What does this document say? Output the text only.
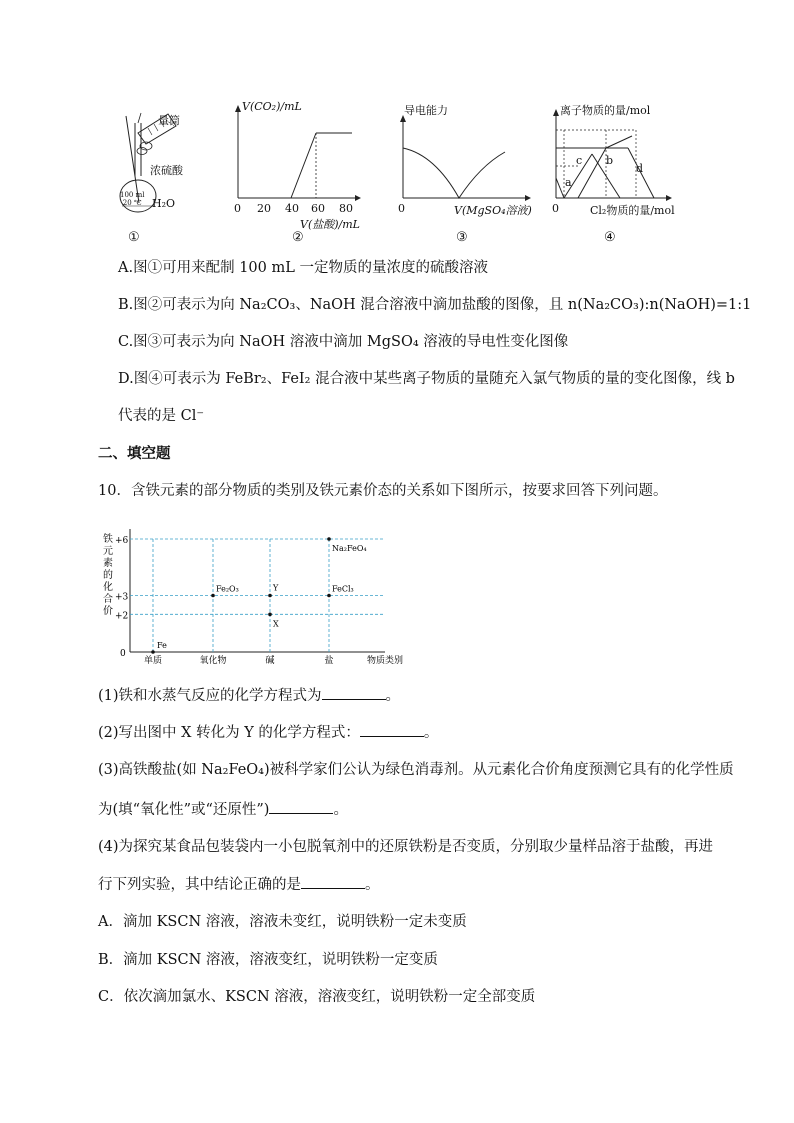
量筒
浓硫酸
100 ml
20 ℃ H₂O
①
V(CO₂)/mL
0 20 40 60 80
V(盐酸)/mL
②
导电能力
0	V(MgSO₄溶液)
③
离子物质的量/mol
a
b
c
d
0	Cl₂物质的量/mol
④
A.图①可用来配制 100 mL 一定物质的量浓度的硫酸溶液
B.图②可表示为向 Na₂CO₃、NaOH 混合溶液中滴加盐酸的图像，且 n(Na₂CO₃):n(NaOH)=1:1
C.图③可表示为向 NaOH 溶液中滴加 MgSO₄ 溶液的导电性变化图像
D.图④可表示为 FeBr₂、FeI₂ 混合液中某些离子物质的量随充入氯气物质的量的变化图像，线 b
代表的是 Cl⁻
二、填空题
10．含铁元素的部分物质的类别及铁元素价态的关系如下图所示，按要求回答下列问题。
铁
元
素
的
化
合
价
+6
+3
+2
0
单质	氧化物	碱	盐	物质类别
Fe
Fe₂O₃	Y
X
FeCl₃
Na₂FeO₄
(1)铁和水蒸气反应的化学方程式为	。
(2)写出图中 X 转化为 Y 的化学方程式：	。
(3)高铁酸盐(如 Na₂FeO₄)被科学家们公认为绿色消毒剂。从元素化合价角度预测它具有的化学性质
为(填“氧化性”或“还原性”)	。
(4)为探究某食品包装袋内一小包脱氧剂中的还原铁粉是否变质，分别取少量样品溶于盐酸，再进
行下列实验，其中结论正确的是	。
A．滴加 KSCN 溶液，溶液未变红，说明铁粉一定未变质
B．滴加 KSCN 溶液，溶液变红，说明铁粉一定变质
C．依次滴加氯水、KSCN 溶液，溶液变红，说明铁粉一定全部变质
